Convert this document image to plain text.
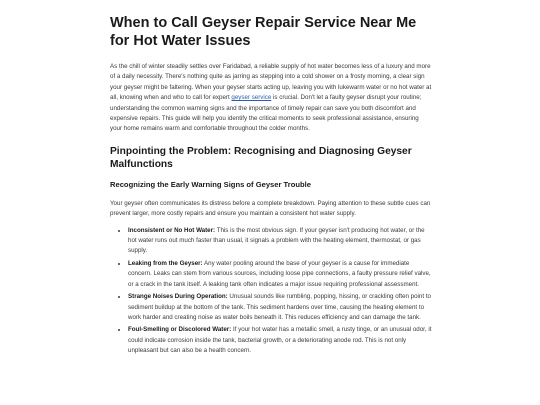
When to Call Geyser Repair Service Near Me for Hot Water Issues

As the chill of winter steadily settles over Faridabad, a reliable supply of hot water becomes less of a luxury and more of a daily necessity. There's nothing quite as jarring as stepping into a cold shower on a frosty morning, a clear sign your geyser might be faltering. When your geyser starts acting up, leaving you with lukewarm water or no hot water at all, knowing when and who to call for expert geyser service is crucial. Don't let a faulty geyser disrupt your routine; understanding the common warning signs and the importance of timely repair can save you both discomfort and expensive repairs. This guide will help you identify the critical moments to seek professional assistance, ensuring your home remains warm and comfortable throughout the colder months.

Pinpointing the Problem: Recognising and Diagnosing Geyser Malfunctions
Recognizing the Early Warning Signs of Geyser Trouble

Your geyser often communicates its distress before a complete breakdown. Paying attention to these subtle cues can prevent larger, more costly repairs and ensure you maintain a consistent hot water supply.

• Inconsistent or No Hot Water: This is the most obvious sign. If your geyser isn't producing hot water, or the hot water runs out much faster than usual, it signals a problem with the heating element, thermostat, or gas supply.
• Leaking from the Geyser: Any water pooling around the base of your geyser is a cause for immediate concern. Leaks can stem from various sources, including loose pipe connections, a faulty pressure relief valve, or a crack in the tank itself. A leaking tank often indicates a major issue requiring professional assessment.
• Strange Noises During Operation: Unusual sounds like rumbling, popping, hissing, or crackling often point to sediment buildup at the bottom of the tank. This sediment hardens over time, causing the heating element to work harder and creating noise as water boils beneath it. This reduces efficiency and can damage the tank.
• Foul-Smelling or Discolored Water: If your hot water has a metallic smell, a rusty tinge, or an unusual odor, it could indicate corrosion inside the tank, bacterial growth, or a deteriorating anode rod. This is not only unpleasant but can also be a health concern.
